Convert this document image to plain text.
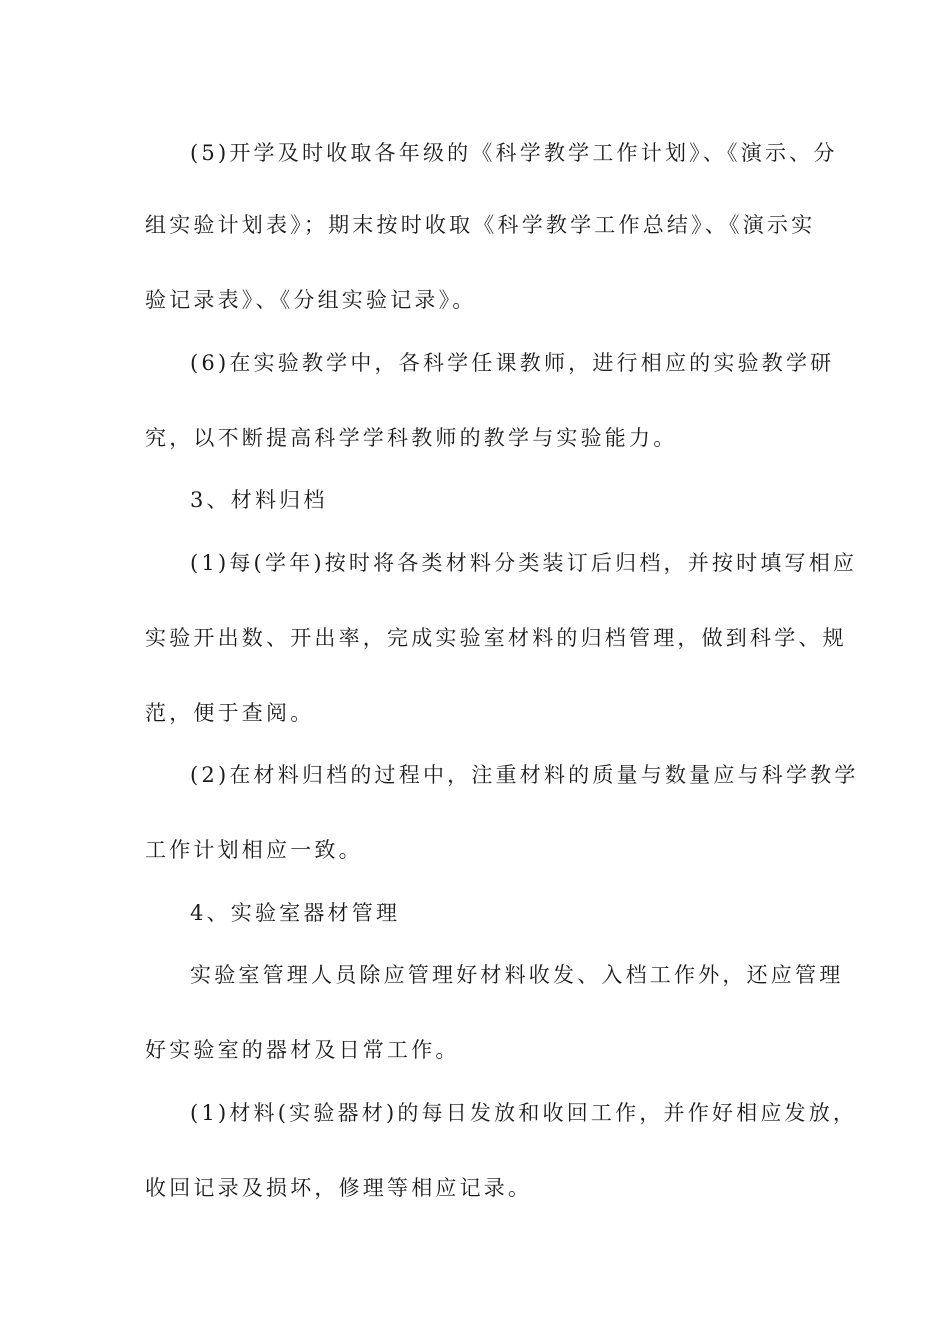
(5)开学及时收取各年级的《科学教学工作计划》、《演示、分
组实验计划表》；期末按时收取《科学教学工作总结》、《演示实
验记录表》、《分组实验记录》。
(6)在实验教学中，各科学任课教师，进行相应的实验教学研
究，以不断提高科学学科教师的教学与实验能力。
3、材料归档
(1)每(学年)按时将各类材料分类装订后归档，并按时填写相应
实验开出数、开出率，完成实验室材料的归档管理，做到科学、规
范，便于查阅。
(2)在材料归档的过程中，注重材料的质量与数量应与科学教学
工作计划相应一致。
4、实验室器材管理
实验室管理人员除应管理好材料收发、入档工作外，还应管理
好实验室的器材及日常工作。
(1)材料(实验器材)的每日发放和收回工作，并作好相应发放，
收回记录及损坏，修理等相应记录。
